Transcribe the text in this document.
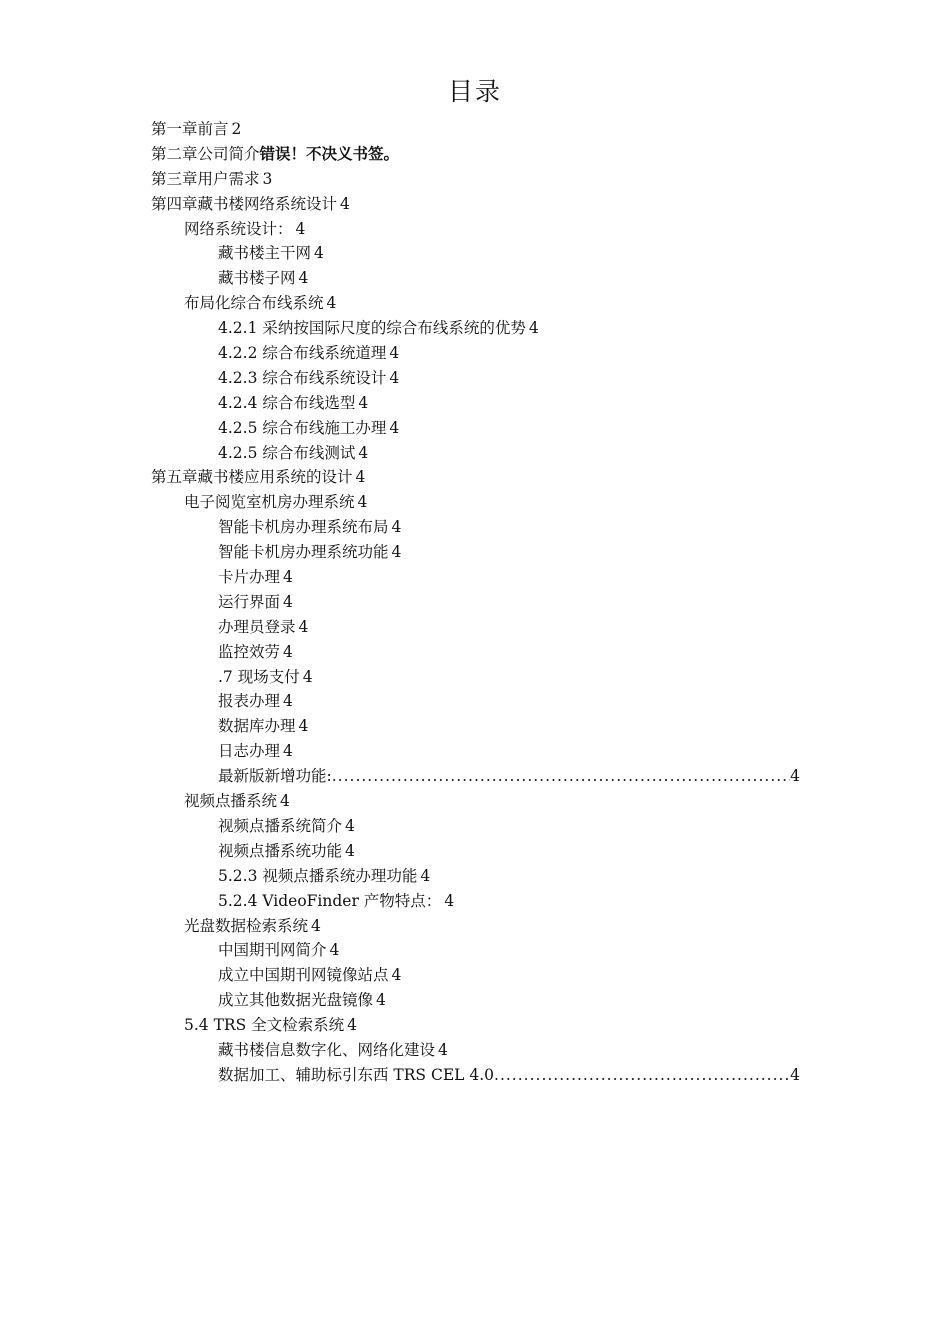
目录
第一章前言 2
第二章公司简介错误！不决义书签。
第三章用户需求 3
第四章藏书楼网络系统设计 4
网络系统设计： 4
藏书楼主干网 4
藏书楼子网 4
布局化综合布线系统 4
4.2.1 采纳按国际尺度的综合布线系统的优势 4
4.2.2 综合布线系统道理 4
4.2.3 综合布线系统设计 4
4.2.4 综合布线选型 4
4.2.5 综合布线施工办理 4
4.2.5 综合布线测试 4
第五章藏书楼应用系统的设计 4
电子阅览室机房办理系统 4
智能卡机房办理系统布局 4
智能卡机房办理系统功能 4
卡片办理 4
运行界面 4
办理员登录 4
监控效劳 4
.7 现场支付 4
报表办理 4
数据库办理 4
日志办理 4
最新版新增功能: .....	4
视频点播系统 4
视频点播系统简介 4
视频点播系统功能 4
5.2.3 视频点播系统办理功能 4
5.2.4 VideoFinder 产物特点： 4
光盘数据检索系统 4
中国期刊网简介 4
成立中国期刊网镜像站点 4
成立其他数据光盘镜像 4
5.4 TRS 全文检索系统 4
藏书楼信息数字化、网络化建设 4
数据加工、辅助标引东西 TRS CEL 4.0 .....	4
